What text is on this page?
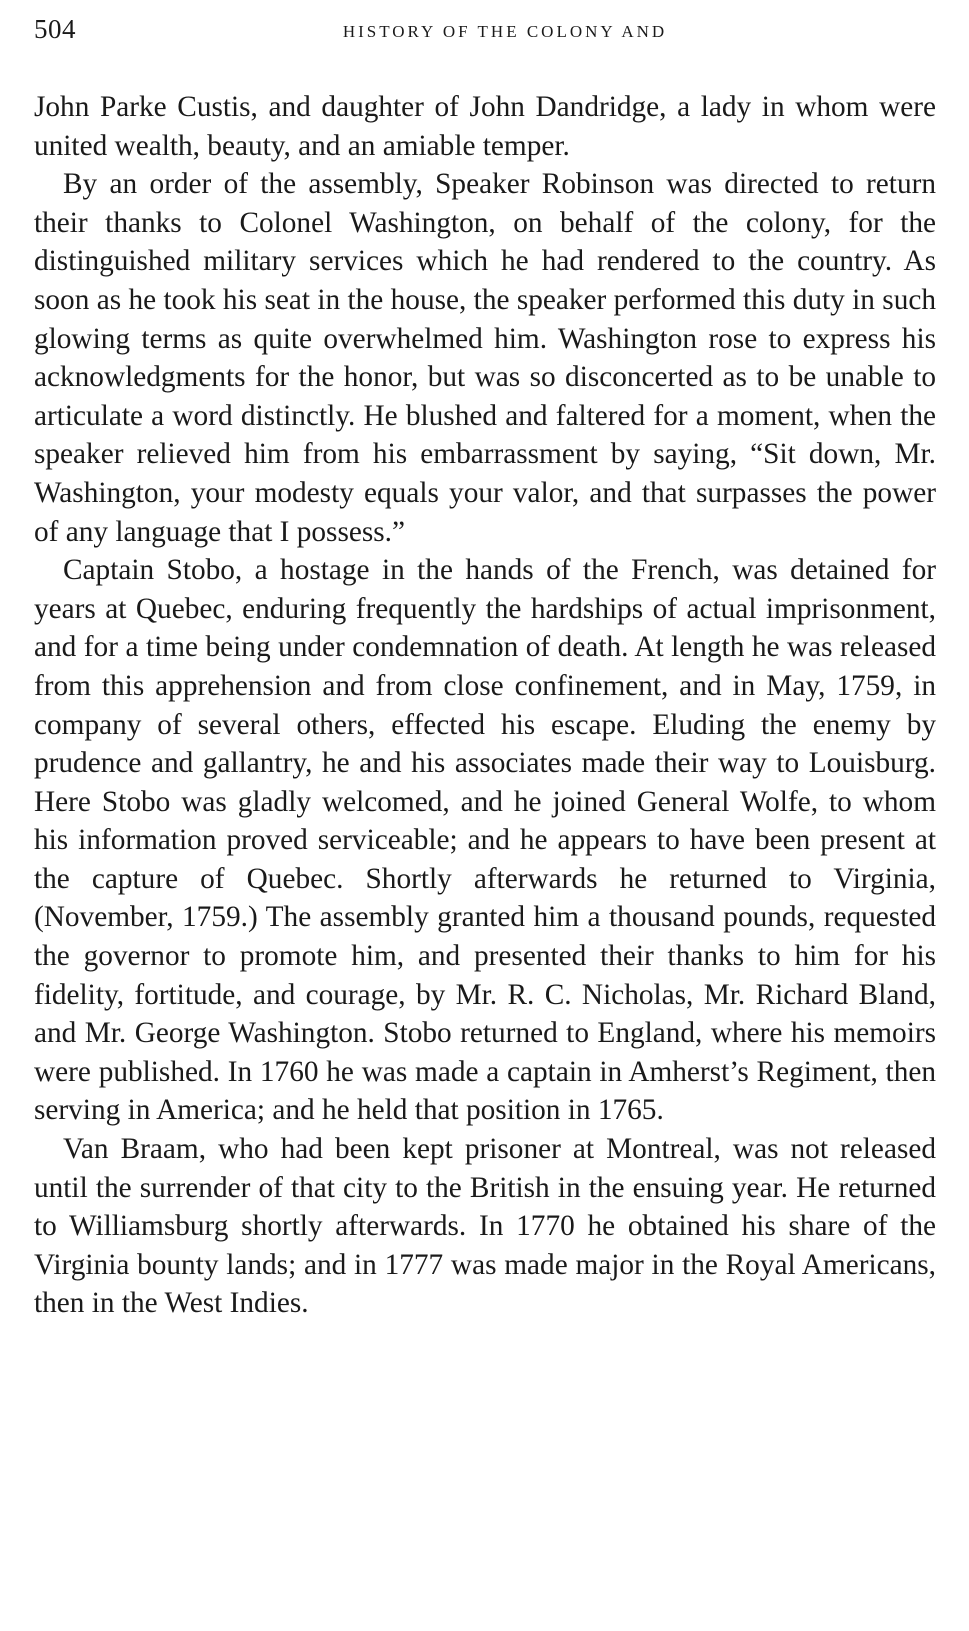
504	HISTORY OF THE COLONY AND

John Parke Custis, and daughter of John Dandridge, a lady in whom were united wealth, beauty, and an amiable temper.

By an order of the assembly, Speaker Robinson was directed to return their thanks to Colonel Washington, on behalf of the colony, for the distinguished military services which he had rendered to the country. As soon as he took his seat in the house, the speaker performed this duty in such glowing terms as quite overwhelmed him. Washington rose to express his acknowledgments for the honor, but was so disconcerted as to be unable to articulate a word distinctly. He blushed and faltered for a moment, when the speaker relieved him from his embarrassment by saying, “Sit down, Mr. Washington, your modesty equals your valor, and that surpasses the power of any language that I possess.”

Captain Stobo, a hostage in the hands of the French, was detained for years at Quebec, enduring frequently the hardships of actual imprisonment, and for a time being under condemnation of death. At length he was released from this apprehension and from close confinement, and in May, 1759, in company of several others, effected his escape. Eluding the enemy by prudence and gallantry, he and his associates made their way to Louisburg. Here Stobo was gladly welcomed, and he joined General Wolfe, to whom his information proved serviceable; and he appears to have been present at the capture of Quebec. Shortly afterwards he returned to Virginia, (November, 1759.) The assembly granted him a thousand pounds, requested the governor to promote him, and presented their thanks to him for his fidelity, fortitude, and courage, by Mr. R. C. Nicholas, Mr. Richard Bland, and Mr. George Washington. Stobo returned to England, where his memoirs were published. In 1760 he was made a captain in Amherst’s Regiment, then serving in America; and he held that position in 1765.

Van Braam, who had been kept prisoner at Montreal, was not released until the surrender of that city to the British in the ensuing year. He returned to Williamsburg shortly afterwards. In 1770 he obtained his share of the Virginia bounty lands; and in 1777 was made major in the Royal Americans, then in the West Indies.
